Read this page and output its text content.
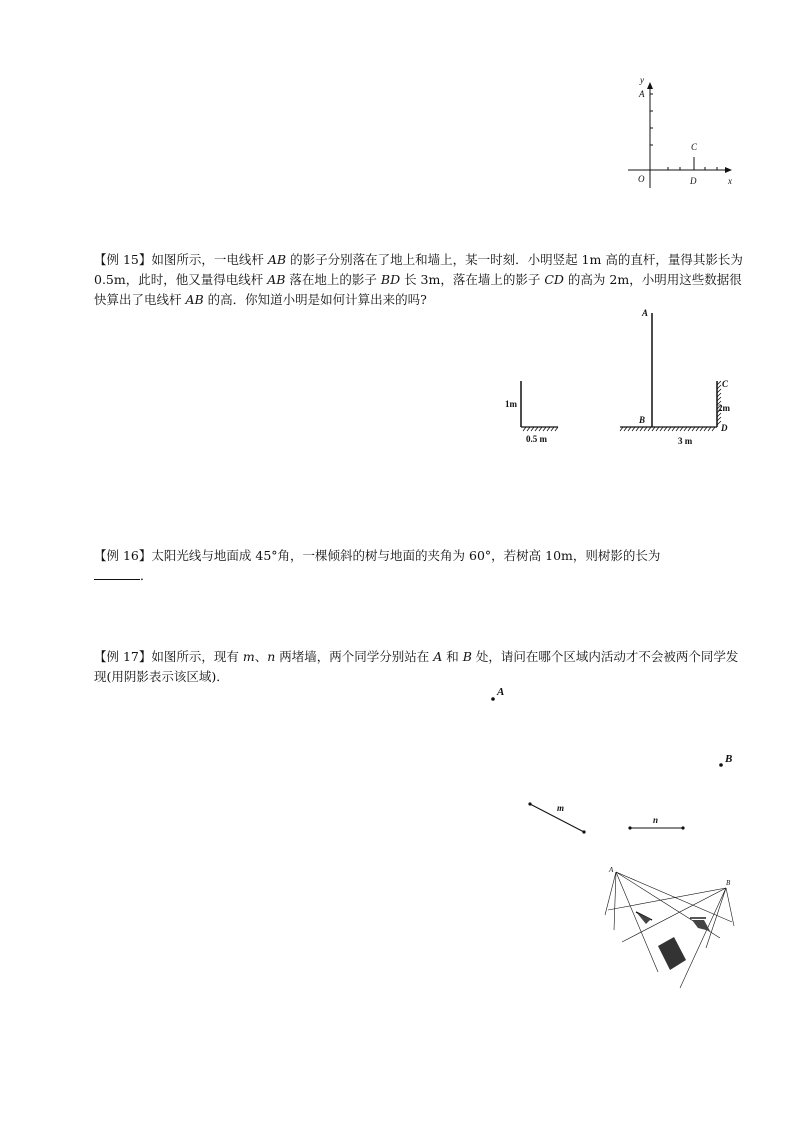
y
A
C
O	D	x

【例 15】如图所示，一电线杆 AB 的影子分别落在了地上和墙上，某一时刻．小明竖起 1m 高的直杆，量得其影长为 0.5m，此时，他又量得电线杆 AB 落在地上的影子 BD 长 3m，落在墙上的影子 CD 的高为 2m，小明用这些数据很快算出了电线杆 AB 的高．你知道小明是如何计算出来的吗?

1m
0.5 m
A
B
C
2m
D
3 m

【例 16】太阳光线与地面成 45°角，一棵倾斜的树与地面的夹角为 60°，若树高 10m，则树影的长为
．

【例 17】如图所示，现有 m、n 两堵墙，两个同学分别站在 A 和 B 处，请问在哪个区域内活动才不会被两个同学发现(用阴影表示该区域)．

A
B
m
n
A
B
